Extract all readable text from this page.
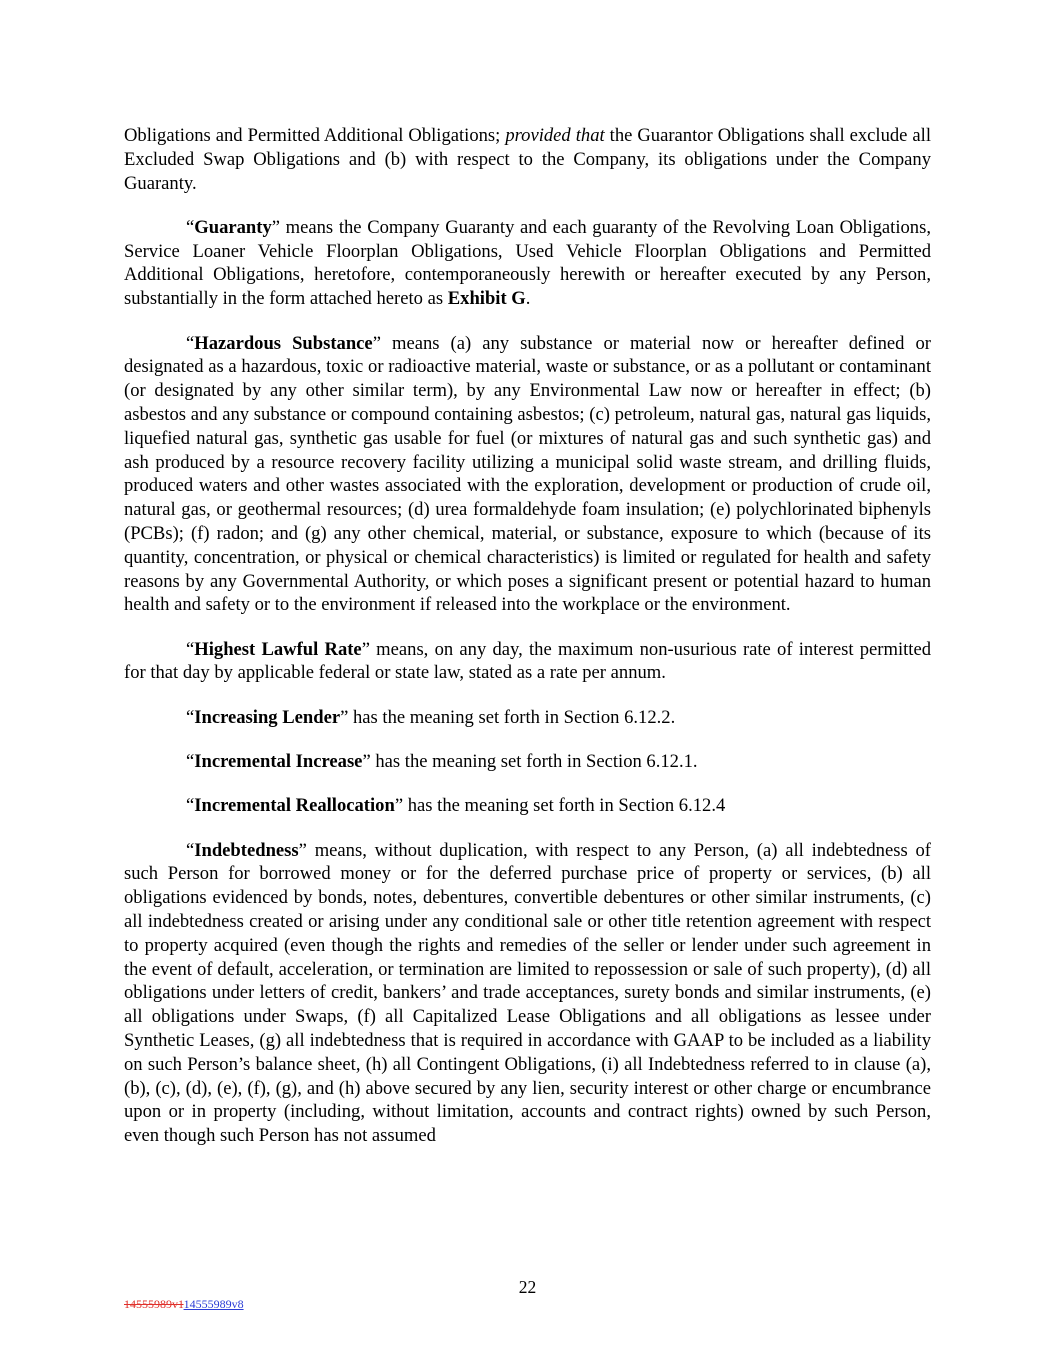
Obligations and Permitted Additional Obligations; provided that the Guarantor Obligations shall exclude all Excluded Swap Obligations and (b) with respect to the Company, its obligations under the Company Guaranty.

“Guaranty” means the Company Guaranty and each guaranty of the Revolving Loan Obligations, Service Loaner Vehicle Floorplan Obligations, Used Vehicle Floorplan Obligations and Permitted Additional Obligations, heretofore, contemporaneously herewith or hereafter executed by any Person, substantially in the form attached hereto as Exhibit G.

“Hazardous Substance” means (a) any substance or material now or hereafter defined or designated as a hazardous, toxic or radioactive material, waste or substance, or as a pollutant or contaminant (or designated by any other similar term), by any Environmental Law now or hereafter in effect; (b) asbestos and any substance or compound containing asbestos; (c) petroleum, natural gas, natural gas liquids, liquefied natural gas, synthetic gas usable for fuel (or mixtures of natural gas and such synthetic gas) and ash produced by a resource recovery facility utilizing a municipal solid waste stream, and drilling fluids, produced waters and other wastes associated with the exploration, development or production of crude oil, natural gas, or geothermal resources; (d) urea formaldehyde foam insulation; (e) polychlorinated biphenyls (PCBs); (f) radon; and (g) any other chemical, material, or substance, exposure to which (because of its quantity, concentration, or physical or chemical characteristics) is limited or regulated for health and safety reasons by any Governmental Authority, or which poses a significant present or potential hazard to human health and safety or to the environment if released into the workplace or the environment.

“Highest Lawful Rate” means, on any day, the maximum non-usurious rate of interest permitted for that day by applicable federal or state law, stated as a rate per annum.

“Increasing Lender” has the meaning set forth in Section 6.12.2.

“Incremental Increase” has the meaning set forth in Section 6.12.1.

“Incremental Reallocation” has the meaning set forth in Section 6.12.4

“Indebtedness” means, without duplication, with respect to any Person, (a) all indebtedness of such Person for borrowed money or for the deferred purchase price of property or services, (b) all obligations evidenced by bonds, notes, debentures, convertible debentures or other similar instruments, (c) all indebtedness created or arising under any conditional sale or other title retention agreement with respect to property acquired (even though the rights and remedies of the seller or lender under such agreement in the event of default, acceleration, or termination are limited to repossession or sale of such property), (d) all obligations under letters of credit, bankers’ and trade acceptances, surety bonds and similar instruments, (e) all obligations under Swaps, (f) all Capitalized Lease Obligations and all obligations as lessee under Synthetic Leases, (g) all indebtedness that is required in accordance with GAAP to be included as a liability on such Person’s balance sheet, (h) all Contingent Obligations, (i) all Indebtedness referred to in clause (a), (b), (c), (d), (e), (f), (g), and (h) above secured by any lien, security interest or other charge or encumbrance upon or in property (including, without limitation, accounts and contract rights) owned by such Person, even though such Person has not assumed

22
14555989v114555989v8
